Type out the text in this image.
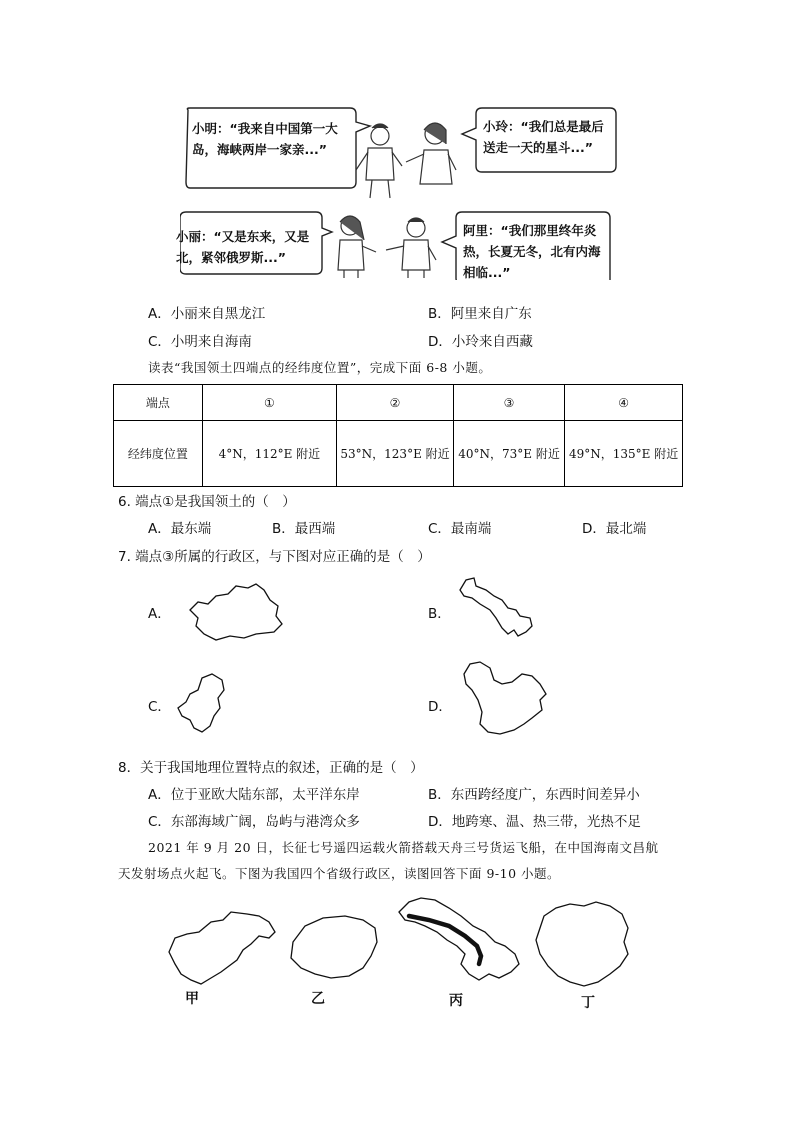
小明：“我来自中国第一大岛，海峡两岸一家亲...”
小玲：“我们总是最后送走一天的星斗...”
小丽：“又是东来，又是北，紧邻俄罗斯...”
阿里：“我们那里终年炎热，长夏无冬，北有内海相临...”
A．小丽来自黑龙江	B．阿里来自广东
C．小明来自海南	D．小玲来自西藏
读表“我国领土四端点的经纬度位置”，完成下面 6-8 小题。
端点	①	②	③	④
经纬度位置	4°N，112°E 附近	53°N，123°E 附近	40°N，73°E 附近	49°N，135°E 附近
6. 端点①是我国领土的（　）
A．最东端	B．最西端	C．最南端	D．最北端
7. 端点③所属的行政区，与下图对应正确的是（　）
A．	B．
C．	D．
8．关于我国地理位置特点的叙述，正确的是（　）
A．位于亚欧大陆东部，太平洋东岸	B．东西跨经度广，东西时间差异小
C．东部海域广阔，岛屿与港湾众多	D．地跨寒、温、热三带，光热不足
2021 年 9 月 20 日，长征七号遥四运载火箭搭载天舟三号货运飞船，在中国海南文昌航
天发射场点火起飞。下图为我国四个省级行政区，读图回答下面 9-10 小题。
甲	乙	丙	丁
